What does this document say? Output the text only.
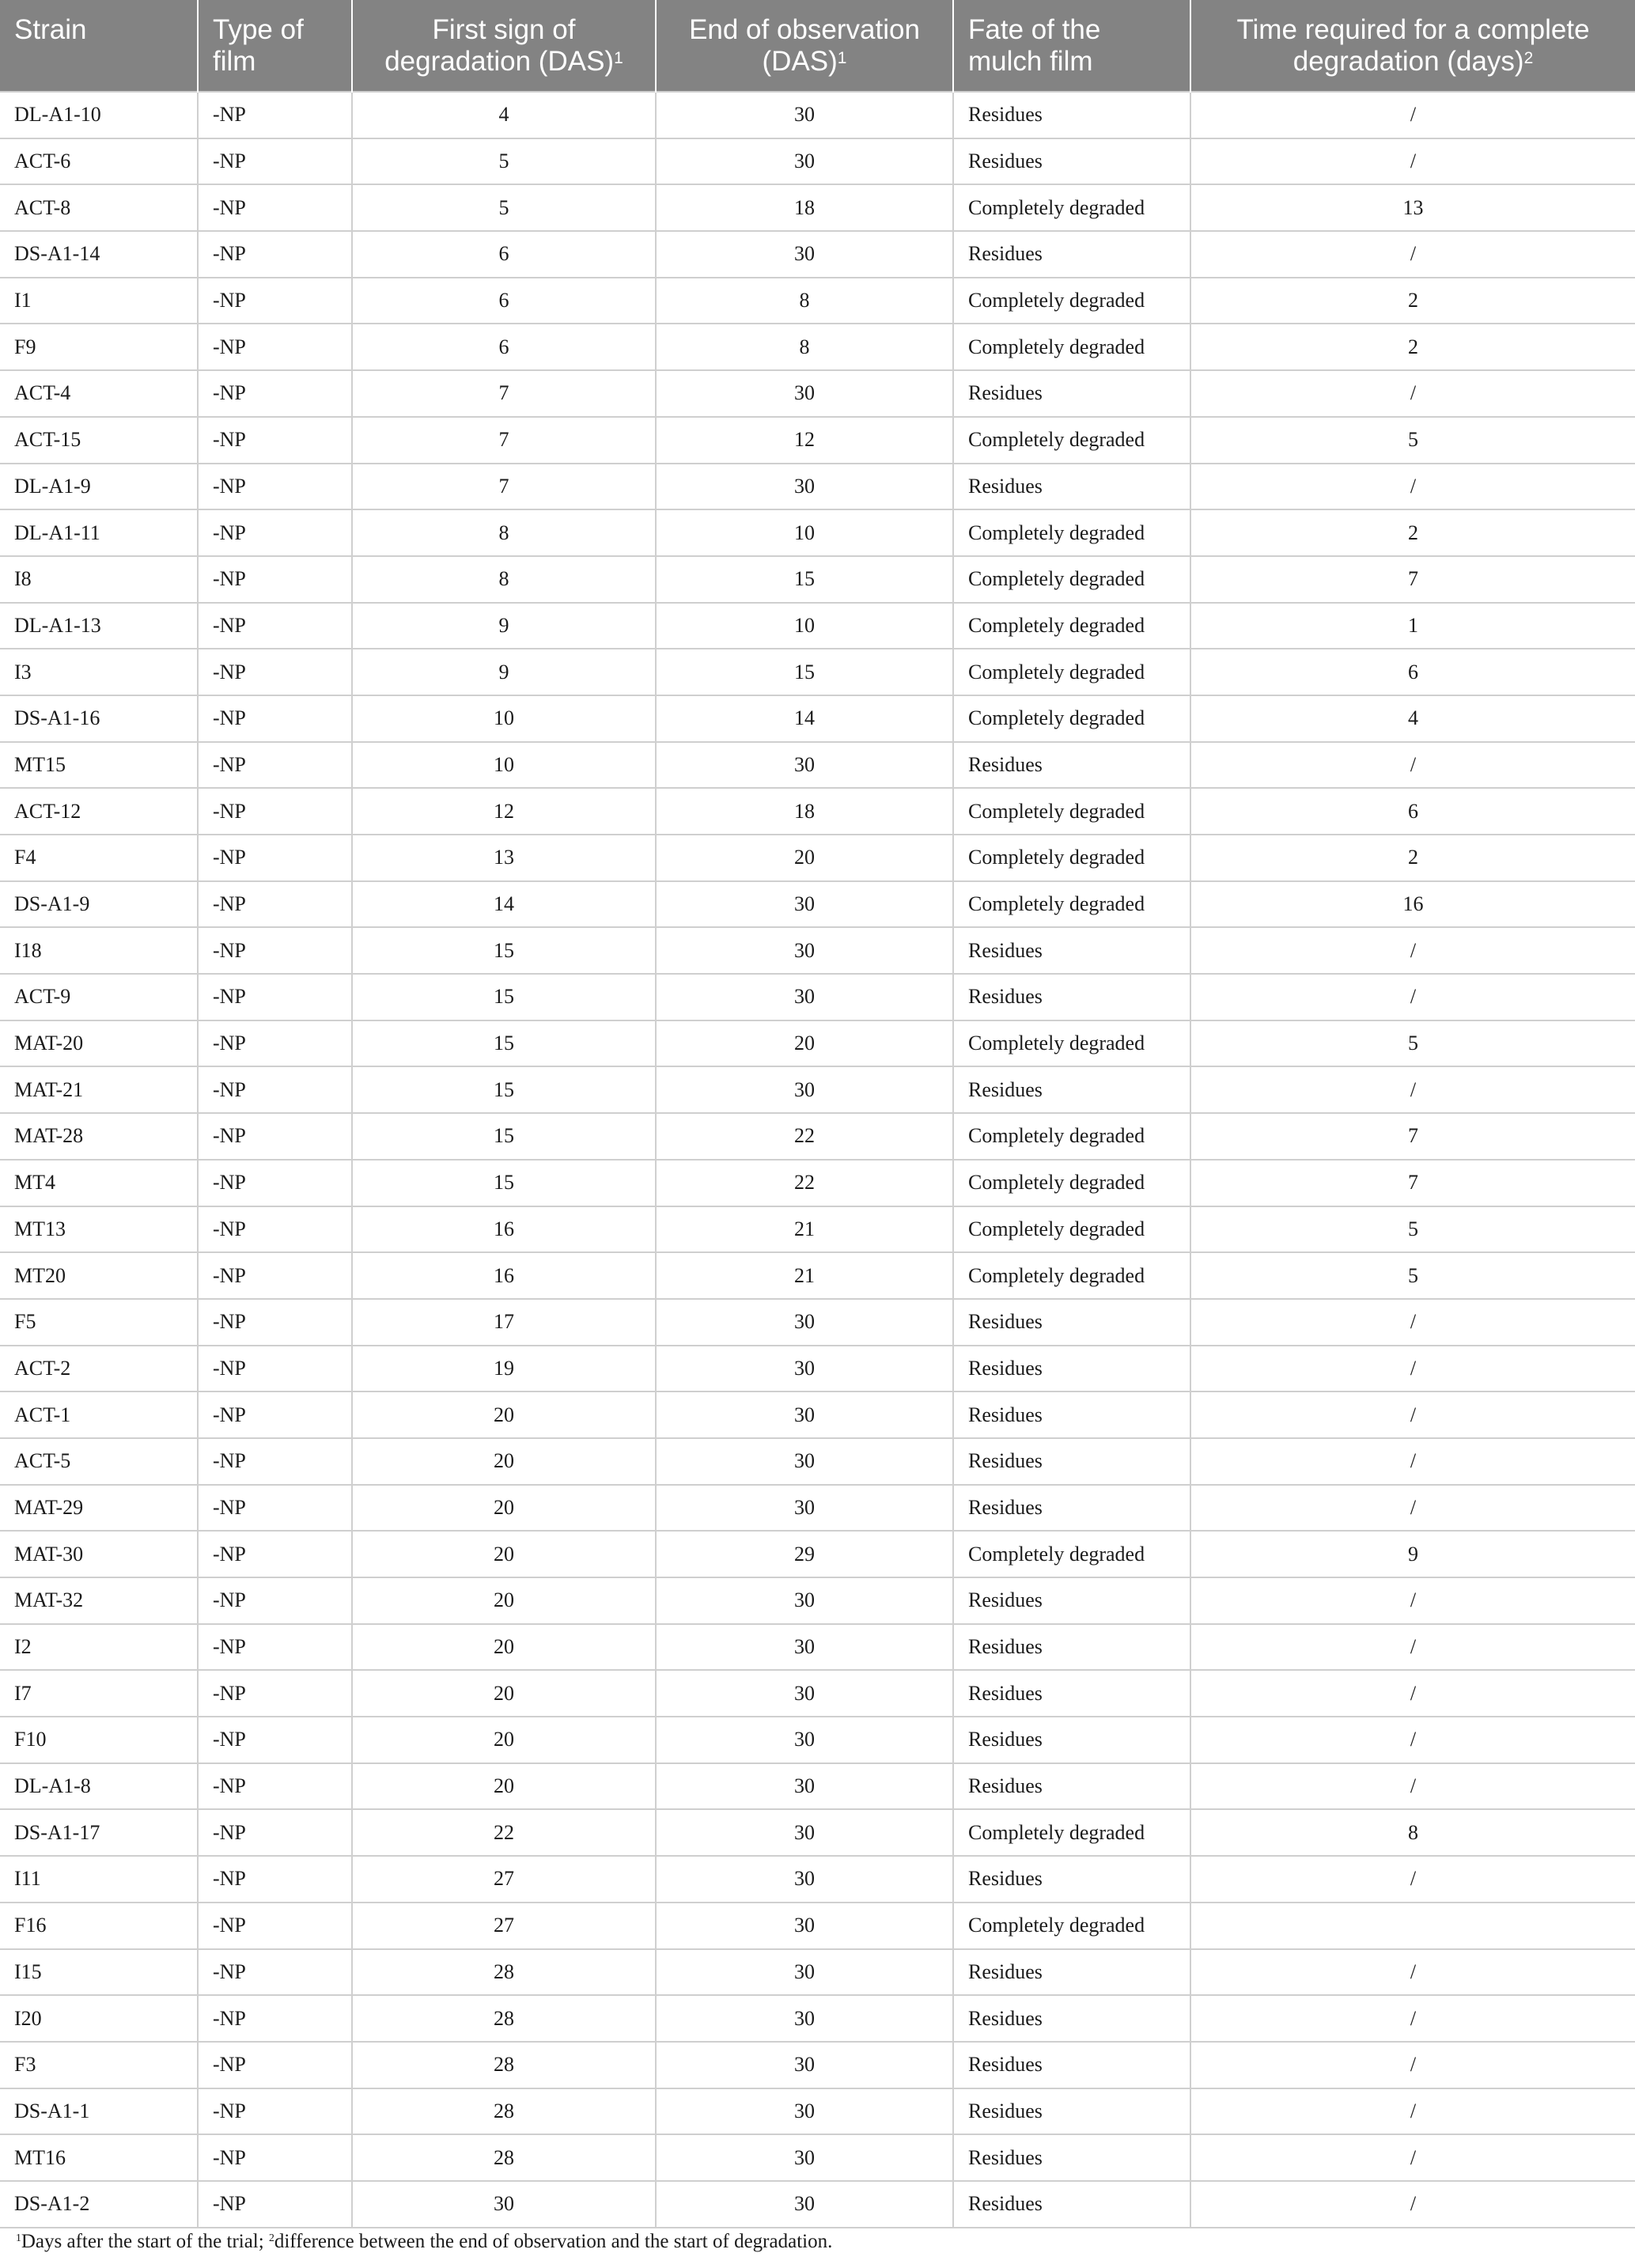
Strain	Type of film	First sign of degradation (DAS)$^1$	End of observation (DAS)$^1$	Fate of the mulch film	Time required for a complete degradation (days)$^2$
DL-A1-10	-NP	4	30	Residues	/
ACT-6	-NP	5	30	Residues	/
ACT-8	-NP	5	18	Completely degraded	13
DS-A1-14	-NP	6	30	Residues	/
I1	-NP	6	8	Completely degraded	2
F9	-NP	6	8	Completely degraded	2
ACT-4	-NP	7	30	Residues	/
ACT-15	-NP	7	12	Completely degraded	5
DL-A1-9	-NP	7	30	Residues	/
DL-A1-11	-NP	8	10	Completely degraded	2
I8	-NP	8	15	Completely degraded	7
DL-A1-13	-NP	9	10	Completely degraded	1
I3	-NP	9	15	Completely degraded	6
DS-A1-16	-NP	10	14	Completely degraded	4
MT15	-NP	10	30	Residues	/
ACT-12	-NP	12	18	Completely degraded	6
F4	-NP	13	20	Completely degraded	2
DS-A1-9	-NP	14	30	Completely degraded	16
I18	-NP	15	30	Residues	/
ACT-9	-NP	15	30	Residues	/
MAT-20	-NP	15	20	Completely degraded	5
MAT-21	-NP	15	30	Residues	/
MAT-28	-NP	15	22	Completely degraded	7
MT4	-NP	15	22	Completely degraded	7
MT13	-NP	16	21	Completely degraded	5
MT20	-NP	16	21	Completely degraded	5
F5	-NP	17	30	Residues	/
ACT-2	-NP	19	30	Residues	/
ACT-1	-NP	20	30	Residues	/
ACT-5	-NP	20	30	Residues	/
MAT-29	-NP	20	30	Residues	/
MAT-30	-NP	20	29	Completely degraded	9
MAT-32	-NP	20	30	Residues	/
I2	-NP	20	30	Residues	/
I7	-NP	20	30	Residues	/
F10	-NP	20	30	Residues	/
DL-A1-8	-NP	20	30	Residues	/
DS-A1-17	-NP	22	30	Completely degraded	8
I11	-NP	27	30	Residues	/
F16	-NP	27	30	Completely degraded	
I15	-NP	28	30	Residues	/
I20	-NP	28	30	Residues	/
F3	-NP	28	30	Residues	/
DS-A1-1	-NP	28	30	Residues	/
MT16	-NP	28	30	Residues	/
DS-A1-2	-NP	30	30	Residues	/
$^1$Days after the start of the trial; $^2$difference between the end of observation and the start of degradation.
